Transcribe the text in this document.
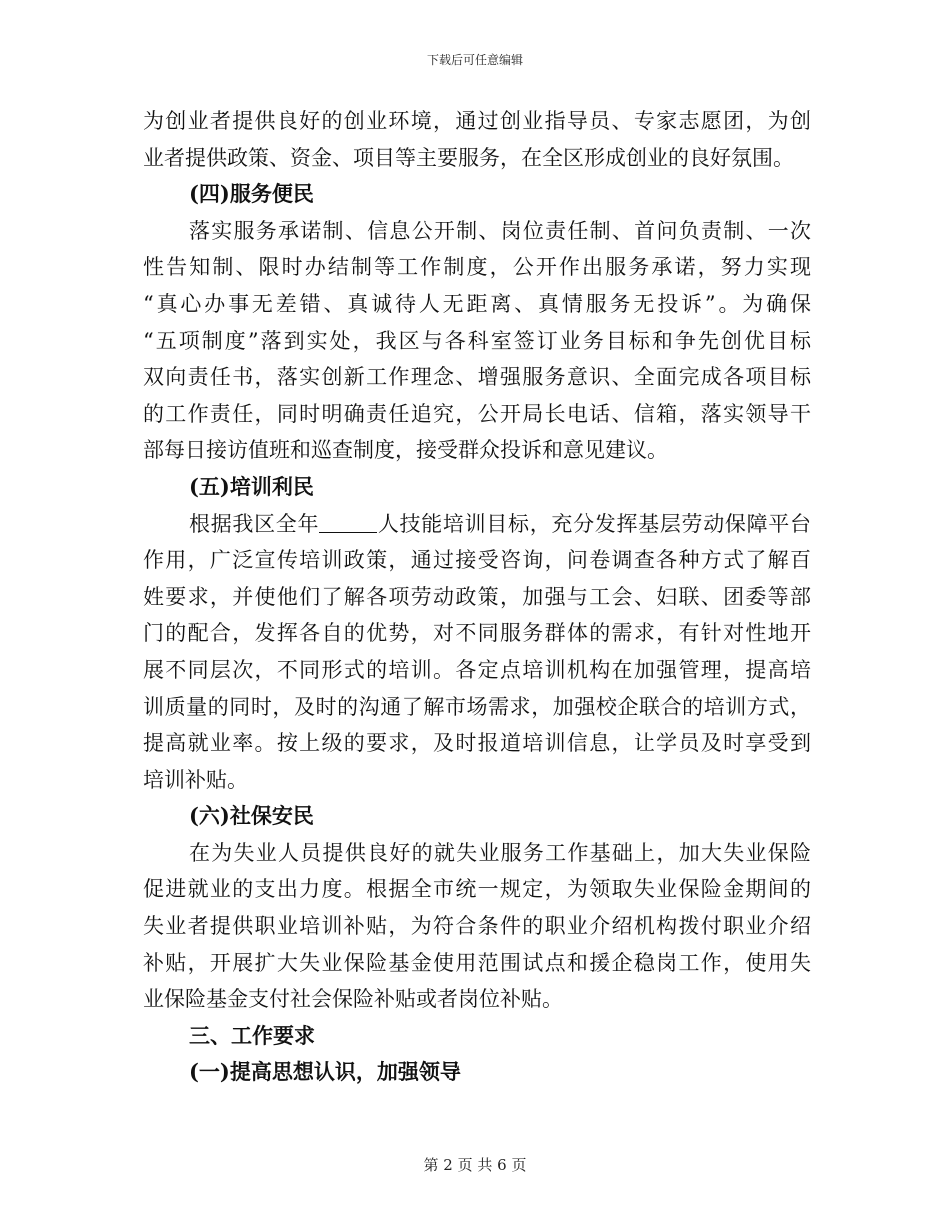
下载后可任意编辑
为创业者提供良好的创业环境，通过创业指导员、专家志愿团，为创
业者提供政策、资金、项目等主要服务，在全区形成创业的良好氛围。
(四)服务便民
落实服务承诺制、信息公开制、岗位责任制、首问负责制、一次
性告知制、限时办结制等工作制度，公开作出服务承诺，努力实现
“真心办事无差错、真诚待人无距离、真情服务无投诉”。为确保
“五项制度”落到实处，我区与各科室签订业务目标和争先创优目标
双向责任书，落实创新工作理念、增强服务意识、全面完成各项目标
的工作责任，同时明确责任追究，公开局长电话、信箱，落实领导干
部每日接访值班和巡查制度，接受群众投诉和意见建议。
(五)培训利民
根据我区全年	人技能培训目标，充分发挥基层劳动保障平台
作用，广泛宣传培训政策，通过接受咨询，问卷调查各种方式了解百
姓要求，并使他们了解各项劳动政策，加强与工会、妇联、团委等部
门的配合，发挥各自的优势，对不同服务群体的需求，有针对性地开
展不同层次，不同形式的培训。各定点培训机构在加强管理，提高培
训质量的同时，及时的沟通了解市场需求，加强校企联合的培训方式，
提高就业率。按上级的要求，及时报道培训信息，让学员及时享受到
培训补贴。
(六)社保安民
在为失业人员提供良好的就失业服务工作基础上，加大失业保险
促进就业的支出力度。根据全市统一规定，为领取失业保险金期间的
失业者提供职业培训补贴，为符合条件的职业介绍机构拨付职业介绍
补贴，开展扩大失业保险基金使用范围试点和援企稳岗工作，使用失
业保险基金支付社会保险补贴或者岗位补贴。
三、工作要求
(一)提高思想认识，加强领导
第 2 页 共 6 页
